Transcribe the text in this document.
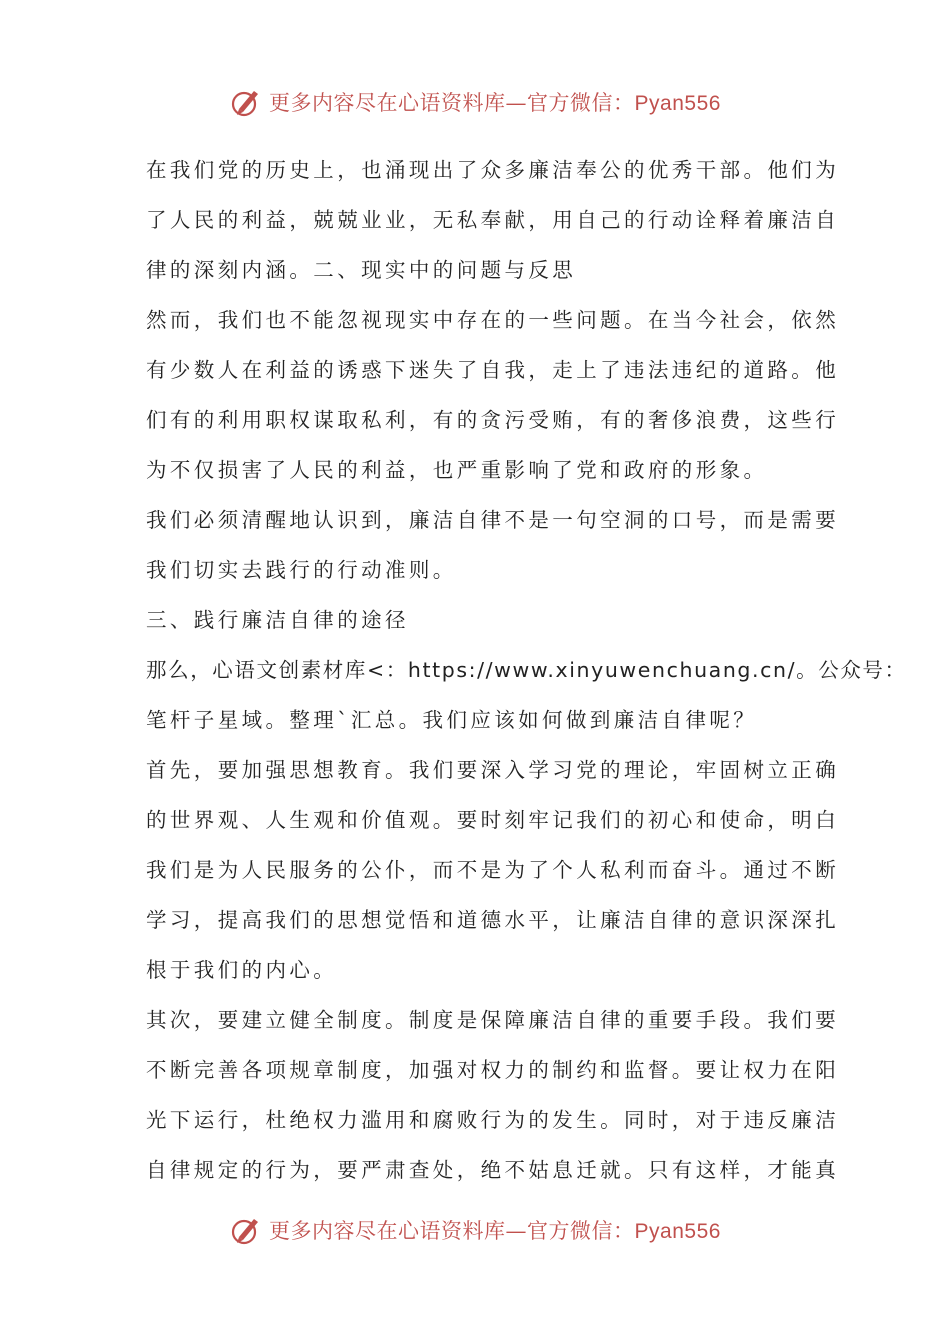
更多内容尽在心语资料库—官方微信：Pyan556
在我们党的历史上，也涌现出了众多廉洁奉公的优秀干部。他们为
了人民的利益，兢兢业业，无私奉献，用自己的行动诠释着廉洁自
律的深刻内涵。二、现实中的问题与反思
然而，我们也不能忽视现实中存在的一些问题。在当今社会，依然
有少数人在利益的诱惑下迷失了自我，走上了违法违纪的道路。他
们有的利用职权谋取私利，有的贪污受贿，有的奢侈浪费，这些行
为不仅损害了人民的利益，也严重影响了党和政府的形象。
我们必须清醒地认识到，廉洁自律不是一句空洞的口号，而是需要
我们切实去践行的行动准则。
三、践行廉洁自律的途径
那么，心语文创素材库<：https://www.xinyuwenchuang.cn/。公众号：
笔杆子星域。整理`汇总。我们应该如何做到廉洁自律呢？
首先，要加强思想教育。我们要深入学习党的理论，牢固树立正确
的世界观、人生观和价值观。要时刻牢记我们的初心和使命，明白
我们是为人民服务的公仆，而不是为了个人私利而奋斗。通过不断
学习，提高我们的思想觉悟和道德水平，让廉洁自律的意识深深扎
根于我们的内心。
其次，要建立健全制度。制度是保障廉洁自律的重要手段。我们要
不断完善各项规章制度，加强对权力的制约和监督。要让权力在阳
光下运行，杜绝权力滥用和腐败行为的发生。同时，对于违反廉洁
自律规定的行为，要严肃查处，绝不姑息迁就。只有这样，才能真
更多内容尽在心语资料库—官方微信：Pyan556
